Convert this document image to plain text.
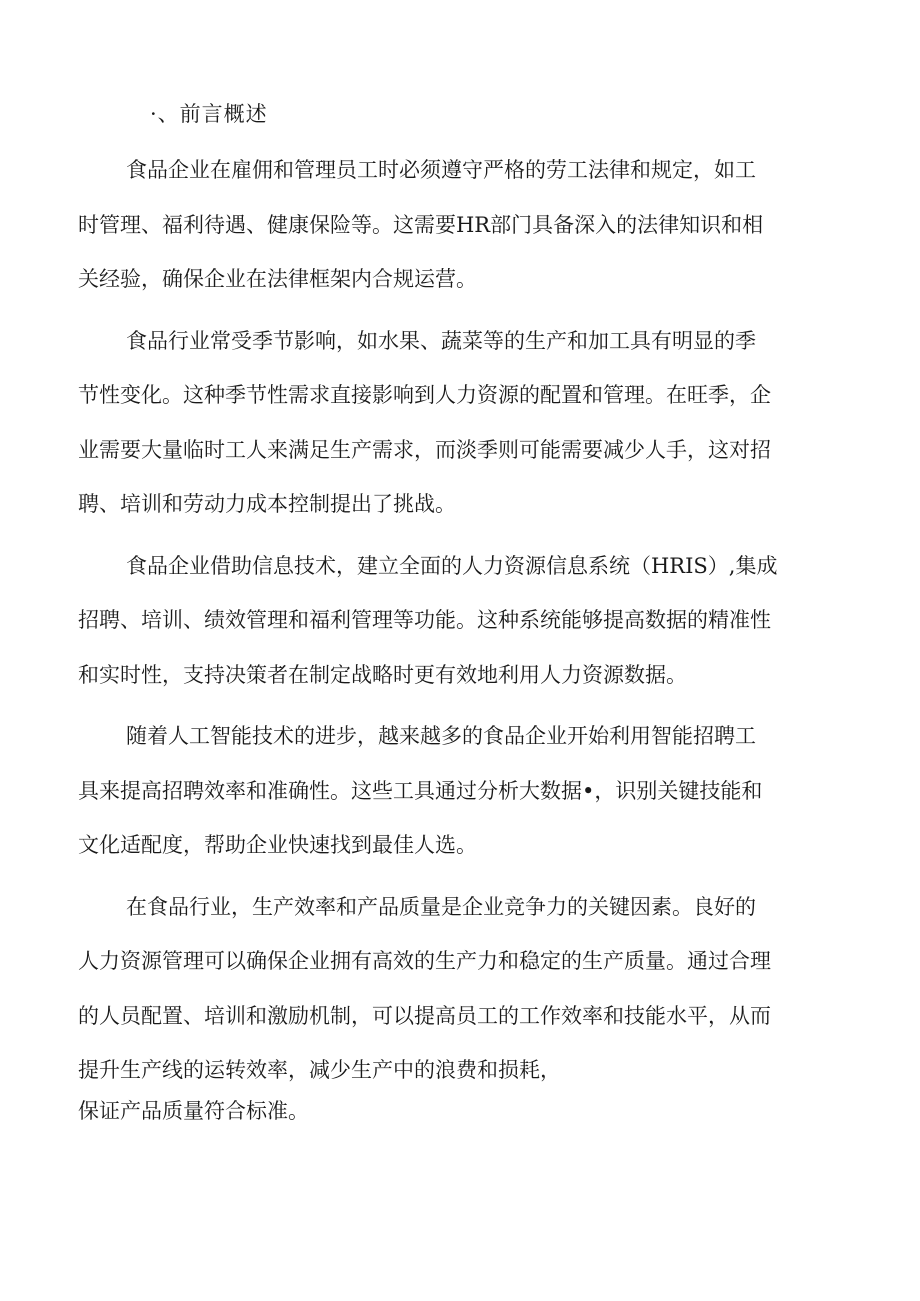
·、前言概述

食品企业在雇佣和管理员工时必须遵守严格的劳工法律和规定，如工

时管理、福利待遇、健康保险等。这需要HR部门具备深入的法律知识和相

关经验，确保企业在法律框架内合规运营。

食品行业常受季节影响，如水果、蔬菜等的生产和加工具有明显的季

节性变化。这种季节性需求直接影响到人力资源的配置和管理。在旺季，企

业需要大量临时工人来满足生产需求，而淡季则可能需要减少人手，这对招

聘、培训和劳动力成本控制提出了挑战。

食品企业借助信息技术，建立全面的人力资源信息系统（HRIS）,集成

招聘、培训、绩效管理和福利管理等功能。这种系统能够提高数据的精准性

和实时性，支持决策者在制定战略时更有效地利用人力资源数据。

随着人工智能技术的进步，越来越多的食品企业开始利用智能招聘工

具来提高招聘效率和准确性。这些工具通过分析大数据•，识别关键技能和

文化适配度，帮助企业快速找到最佳人选。

在食品行业，生产效率和产品质量是企业竞争力的关键因素。良好的

人力资源管理可以确保企业拥有高效的生产力和稳定的生产质量。通过合理

的人员配置、培训和激励机制，可以提高员工的工作效率和技能水平，从而

提升生产线的运转效率，减少生产中的浪费和损耗，

保证产品质量符合标准。
